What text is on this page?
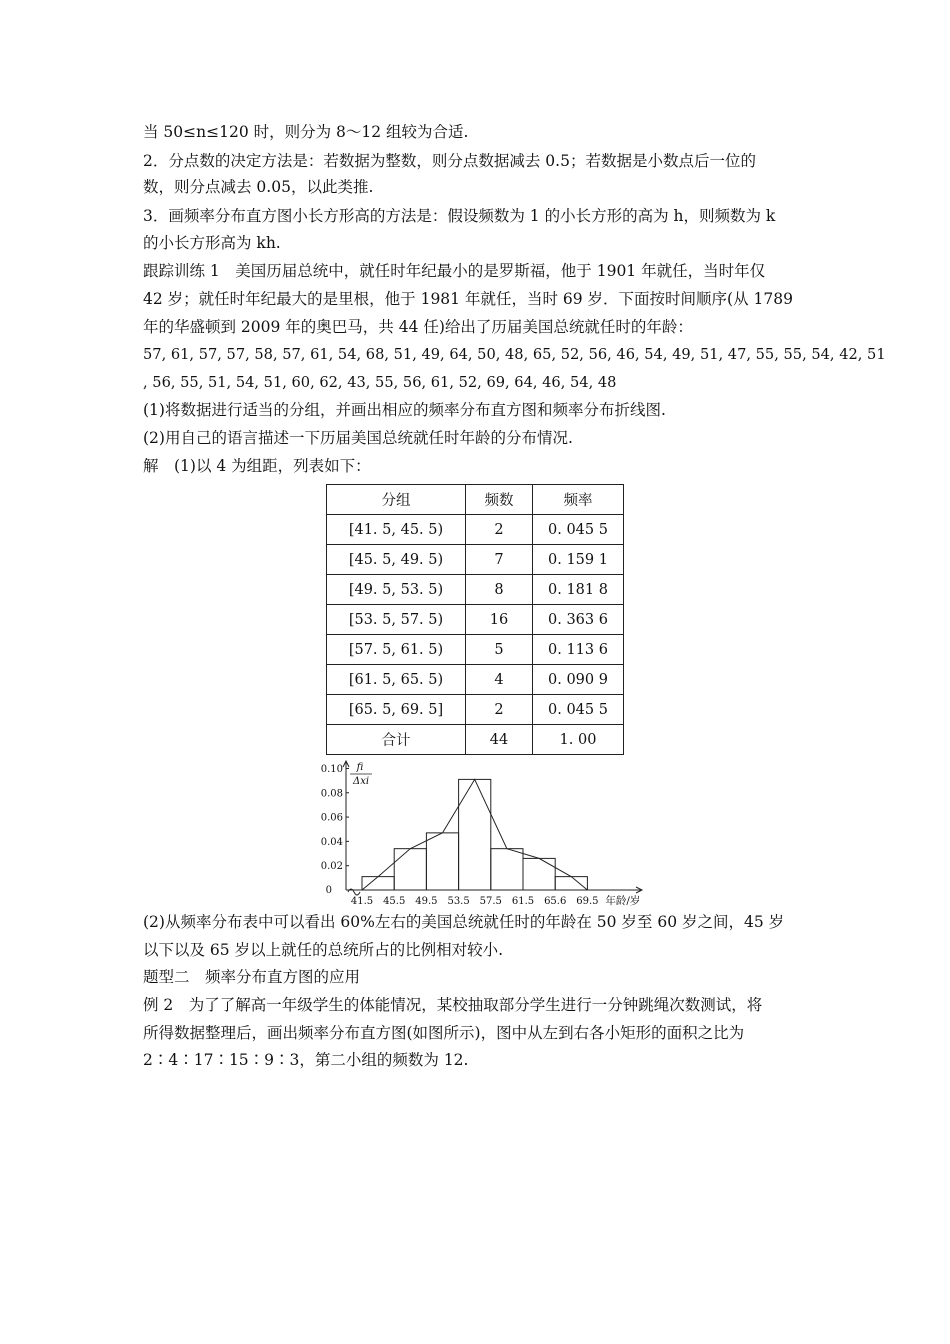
当 50≤n≤120 时，则分为 8～12 组较为合适.
2．分点数的决定方法是：若数据为整数，则分点数据减去 0.5；若数据是小数点后一位的
数，则分点减去 0.05，以此类推.
3．画频率分布直方图小长方形高的方法是：假设频数为 1 的小长方形的高为 h，则频数为 k
的小长方形高为 kh.
跟踪训练 1　美国历届总统中，就任时年纪最小的是罗斯福，他于 1901 年就任，当时年仅
42 岁；就任时年纪最大的是里根，他于 1981 年就任，当时 69 岁．下面按时间顺序(从 1789
年的华盛顿到 2009 年的奥巴马，共 44 任)给出了历届美国总统就任时的年龄：
57, 61, 57, 57, 58, 57, 61, 54, 68, 51, 49, 64, 50, 48, 65, 52, 56, 46, 54, 49, 51, 47, 55, 55, 54, 42, 51
, 56, 55, 51, 54, 51, 60, 62, 43, 55, 56, 61, 52, 69, 64, 46, 54, 48
(1)将数据进行适当的分组，并画出相应的频率分布直方图和频率分布折线图.
(2)用自己的语言描述一下历届美国总统就任时年龄的分布情况.
解　(1)以 4 为组距，列表如下：
分组	频数	频率
[41. 5, 45. 5)	2	0. 045 5
[45. 5, 49. 5)	7	0. 159 1
[49. 5, 53. 5)	8	0. 181 8
[53. 5, 57. 5)	16	0. 363 6
[57. 5, 61. 5)	5	0. 113 6
[61. 5, 65. 5)	4	0. 090 9
[65. 5, 69. 5]	2	0. 045 5
合计	44	1. 00
fi
Δxi
0.02
0.04
0.06
0.08
0.10
0
41.5 45.5 49.5 53.5 57.5 61.5 65.6 69.5 年龄/岁
(2)从频率分布表中可以看出 60%左右的美国总统就任时的年龄在 50 岁至 60 岁之间，45 岁
以下以及 65 岁以上就任的总统所占的比例相对较小.
题型二　频率分布直方图的应用
例 2　为了了解高一年级学生的体能情况，某校抽取部分学生进行一分钟跳绳次数测试，将
所得数据整理后，画出频率分布直方图(如图所示)，图中从左到右各小矩形的面积之比为
2∶4∶17∶15∶9∶3，第二小组的频数为 12.
